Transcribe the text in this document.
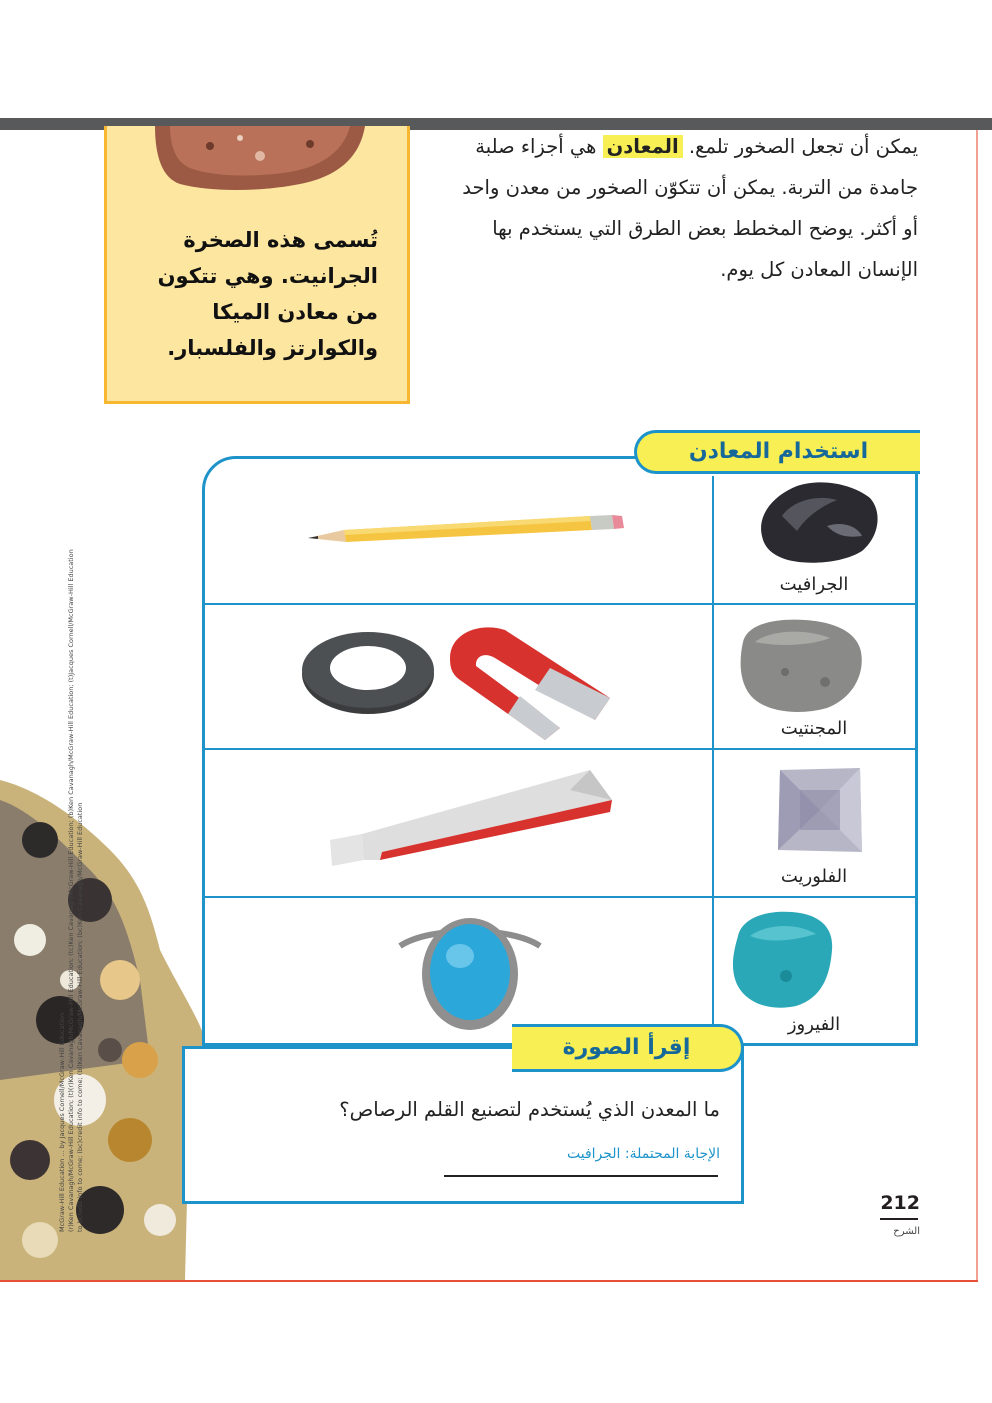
تُسمى هذه الصخرة الجرانيت. وهي تتكون من معادن الميكا والكوارتز والفلسبار.
يمكن أن تجعل الصخور تلمع. المعادن هي أجزاء صلبة جامدة من التربة. يمكن أن تتكوّن الصخور من معدن واحد أو أكثر. يوضح المخطط بعض الطرق التي يستخدم بها الإنسان المعادن كل يوم.
McGraw-Hill Education ... by Jacques Cornell/McGraw-Hill Education (r)Ken Cavanagh/McGraw-Hill Education; (t)(r)Ken Cavanagh/McGraw-Hill Education; (tc)Ken Cavanagh/McGraw-Hill Education; (b)Ken Cavanagh/McGraw-Hill Education; (t)Jacques Cornell/McGraw-Hill Education to bcredit info to come; (bc)credit info to come; (bl)Ken Cavanagh/McGraw-Hill Education; (bc)Ken Cavanagh/McGraw-Hill Education
استخدام المعادن
الجرافيت
المجنتيت
الفلوريت
الفيروز
إقرأ الصورة
ما المعدن الذي يُستخدم لتصنيع القلم الرصاص؟
الإجابة المحتملة: الجرافيت
212
الشرح
